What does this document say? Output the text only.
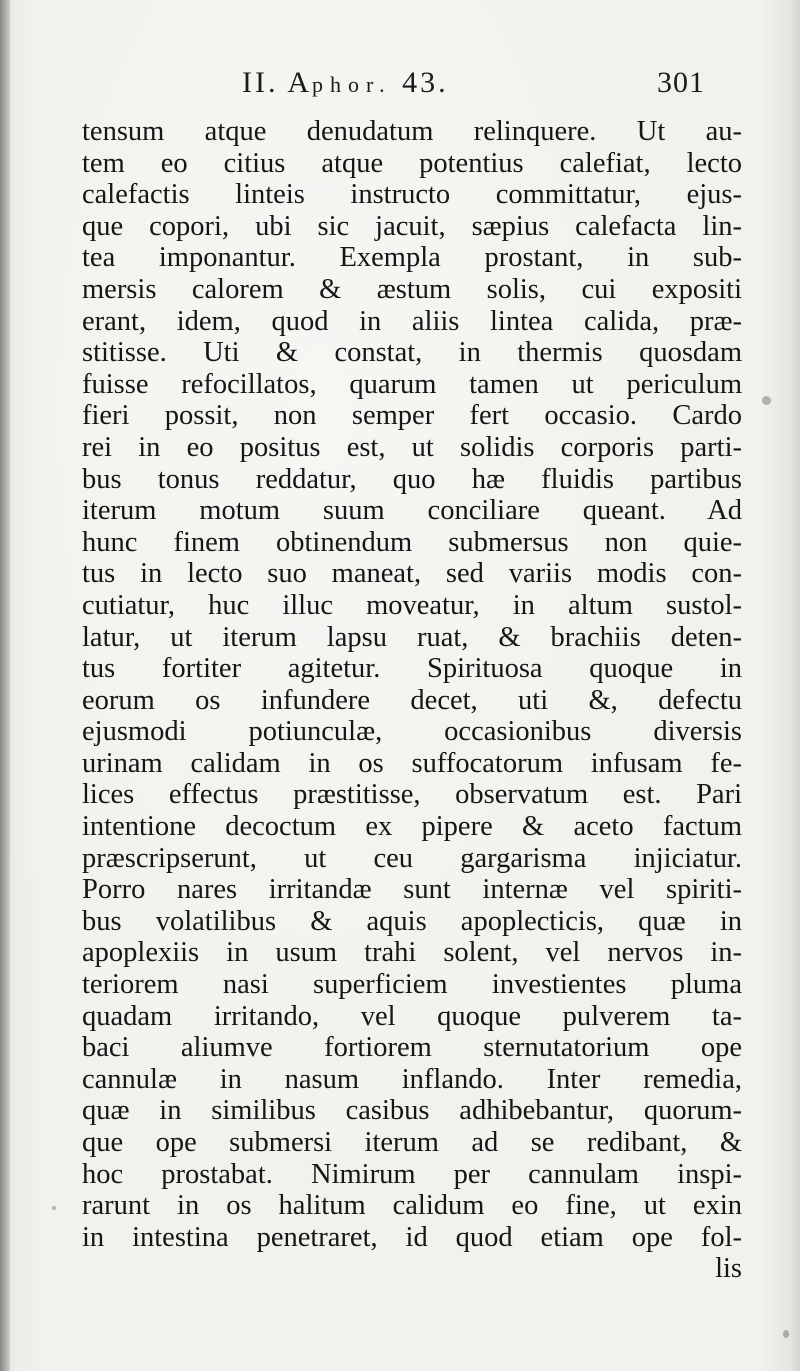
II. Aphor. 43.	301
tensum atque denudatum relinquere. Ut au-
tem eo citius atque potentius calefiat, lecto
calefactis linteis instructo committatur, ejus-
que copori, ubi sic jacuit, sæpius calefacta lin-
tea imponantur. Exempla prostant, in sub-
mersis calorem & æstum solis, cui expositi
erant, idem, quod in aliis lintea calida, præ-
stitisse. Uti & constat, in thermis quosdam
fuisse refocillatos, quarum tamen ut periculum
fieri possit, non semper fert occasio. Cardo
rei in eo positus est, ut solidis corporis parti-
bus tonus reddatur, quo hæ fluidis partibus
iterum motum suum conciliare queant. Ad
hunc finem obtinendum submersus non quie-
tus in lecto suo maneat, sed variis modis con-
cutiatur, huc illuc moveatur, in altum sustol-
latur, ut iterum lapsu ruat, & brachiis deten-
tus fortiter agitetur. Spirituosa quoque in
eorum os infundere decet, uti &, defectu
ejusmodi potiunculæ, occasionibus diversis
urinam calidam in os suffocatorum infusam fe-
lices effectus præstitisse, observatum est. Pari
intentione decoctum ex pipere & aceto factum
præscripserunt, ut ceu gargarisma injiciatur.
Porro nares irritandæ sunt internæ vel spiriti-
bus volatilibus & aquis apoplecticis, quæ in
apoplexiis in usum trahi solent, vel nervos in-
teriorem nasi superficiem investientes pluma
quadam irritando, vel quoque pulverem ta-
baci aliumve fortiorem sternutatorium ope
cannulæ in nasum inflando. Inter remedia,
quæ in similibus casibus adhibebantur, quorum-
que ope submersi iterum ad se redibant, &
hoc prostabat. Nimirum per cannulam inspi-
rarunt in os halitum calidum eo fine, ut exin
in intestina penetraret, id quod etiam ope fol-
lis
